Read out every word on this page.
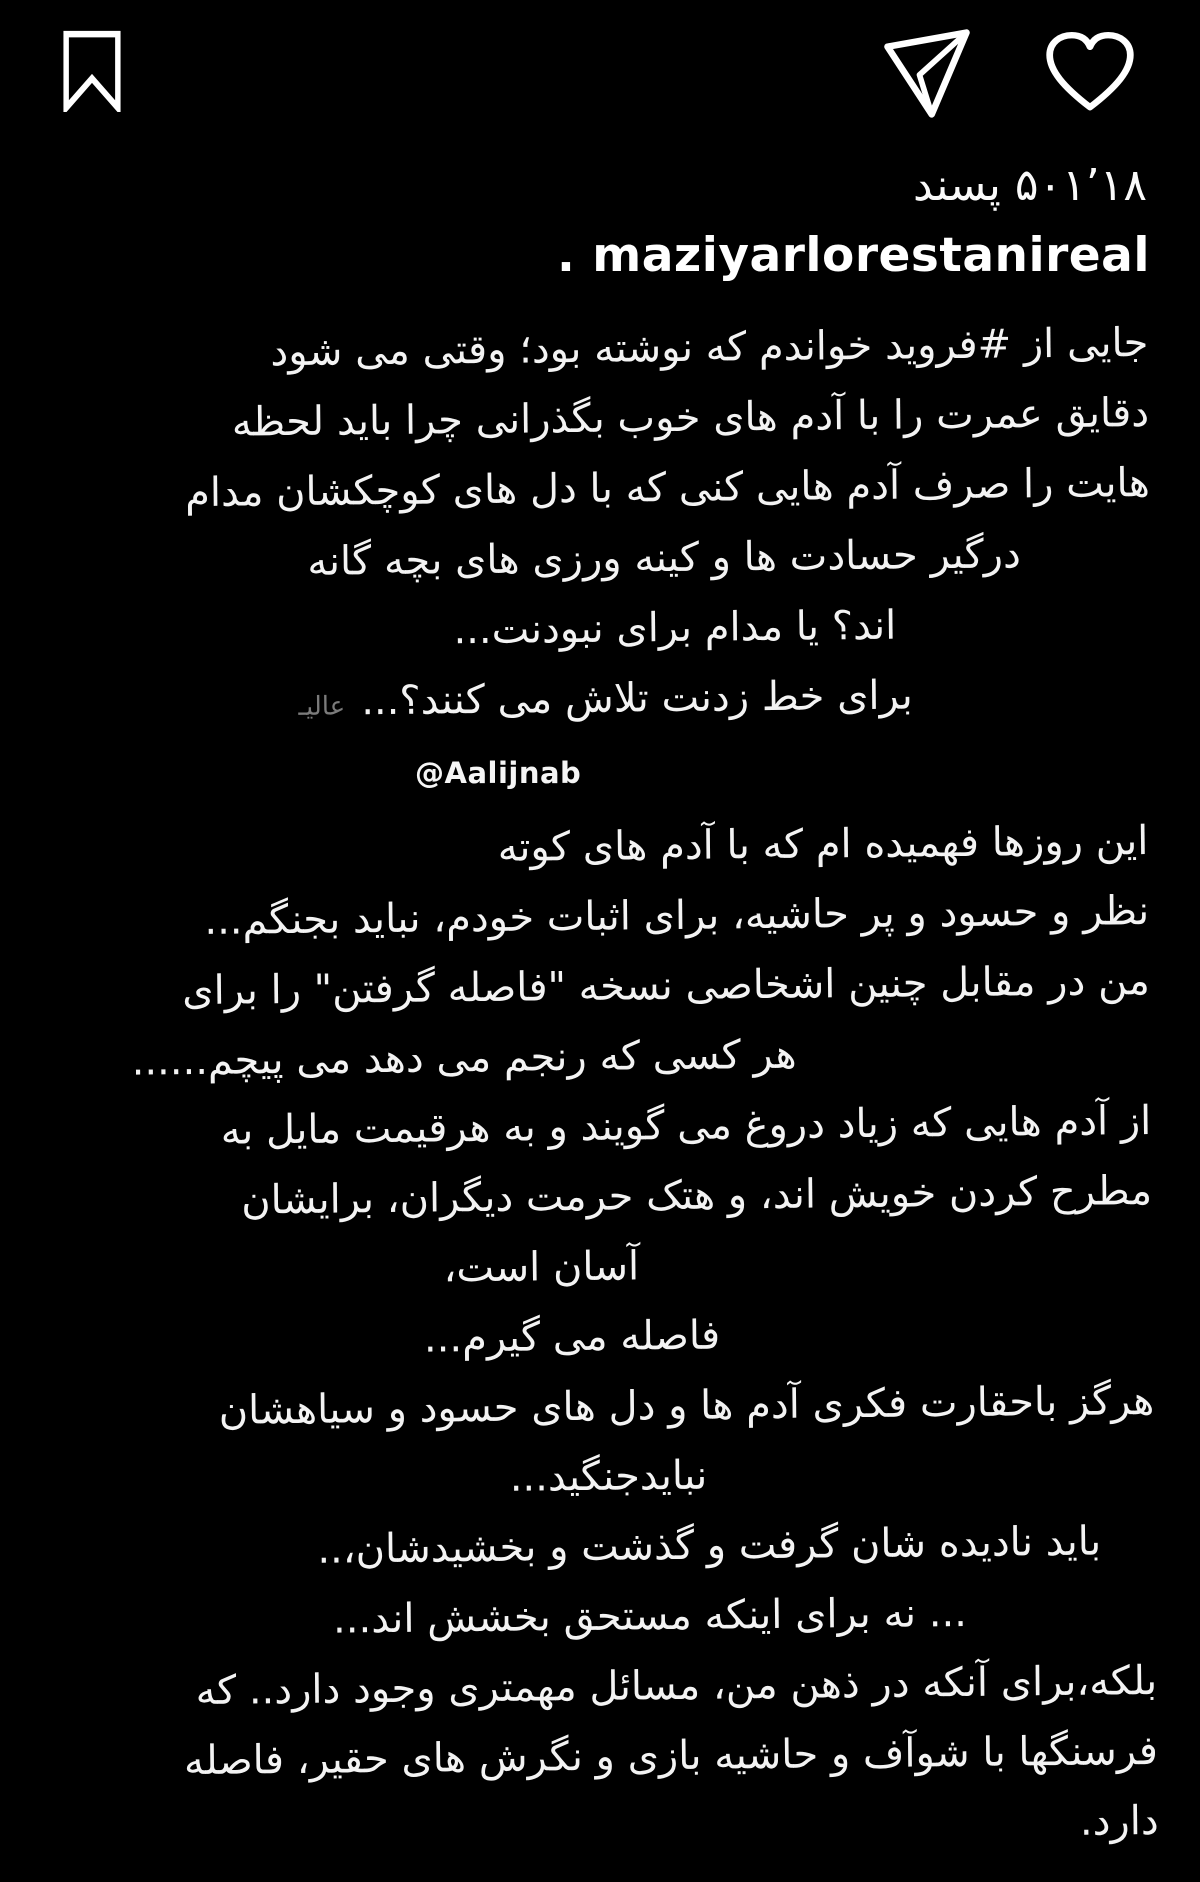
۱۸’۵۰۱ پسند
. maziyarlorestanireal
جایی از #فروید خواندم که نوشته بود؛ وقتی می شود
دقایق عمرت را با آدم های خوب بگذرانی چرا باید لحظه
هایت را صرف آدم هایی کنی که با دل های کوچکشان مدام
درگیر حسادت ها و کینه ورزی های بچه گانه
اند؟ یا مدام برای نبودنت...
برای خط زدنت تلاش می کنند؟...عالیـ
@Aalijnab
این روزها فهمیده ام که با آدم های کوته
نظر و حسود و پر حاشیه، برای اثبات خودم، نباید بجنگم...
من در مقابل چنین اشخاصی نسخه "فاصله گرفتن" را برای
هر کسی که رنجم می دهد می پیچم......
از آدم هایی که زیاد دروغ می گویند و به هرقیمت مایل به
مطرح کردن خویش اند، و هتک حرمت دیگران، برایشان
آسان است،
فاصله می گیرم...
هرگز باحقارت فکری آدم ها و دل های حسود و سیاهشان
نبایدجنگید...
باید نادیده شان گرفت و گذشت و بخشیدشان،..
... نه برای اینکه مستحق بخشش اند...
بلکه،برای آنکه در ذهن من، مسائل مهمتری وجود دارد.. که
فرسنگها با شوآف و حاشیه بازی و نگرش های حقیر، فاصله
دارد.
